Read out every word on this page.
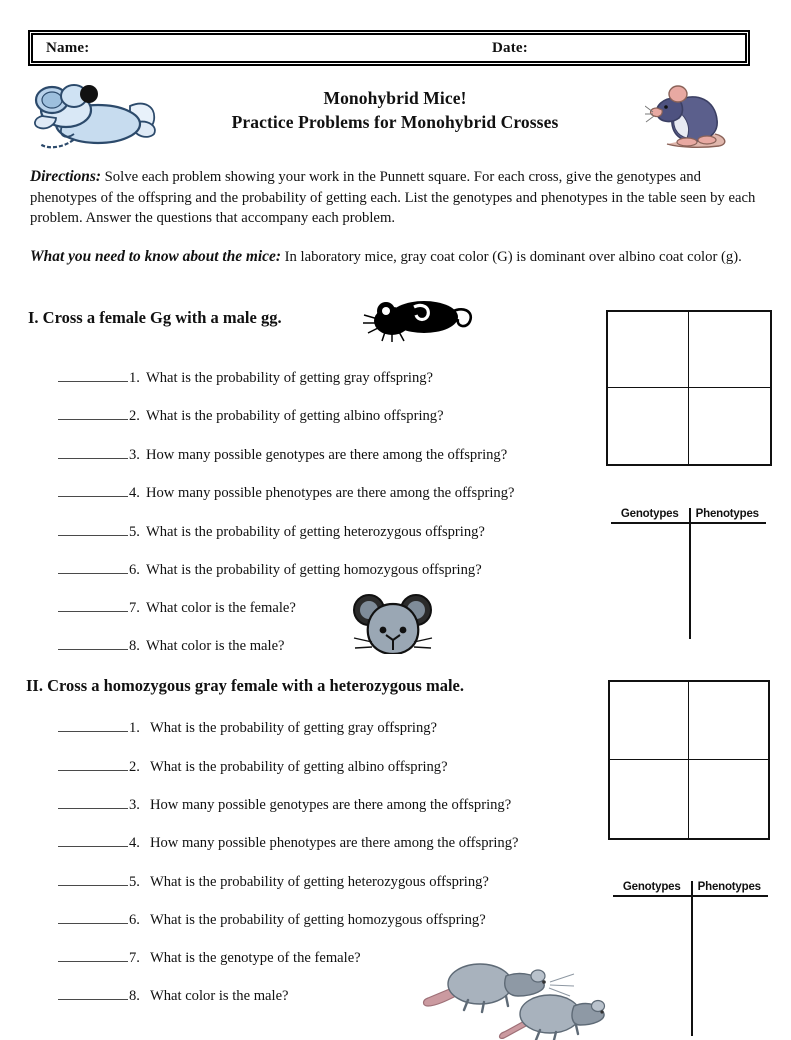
Name:	Date:
Monohybrid Mice!
Practice Problems for Monohybrid Crosses
Directions: Solve each problem showing your work in the Punnett square. For each cross, give the genotypes and phenotypes of the offspring and the probability of getting each. List the genotypes and phenotypes in the table seen by each problem. Answer the questions that accompany each problem.
What you need to know about the mice: In laboratory mice, gray coat color (G) is dominant over albino coat color (g).
I. Cross a female Gg with a male gg.
1. What is the probability of getting gray offspring?
2. What is the probability of getting albino offspring?
3. How many possible genotypes are there among the offspring?
4. How many possible phenotypes are there among the offspring?
5. What is the probability of getting heterozygous offspring?
6. What is the probability of getting homozygous offspring?
7. What color is the female?
8. What color is the male?
Genotypes	Phenotypes
II. Cross a homozygous gray female with a heterozygous male.
1. What is the probability of getting gray offspring?
2. What is the probability of getting albino offspring?
3. How many possible genotypes are there among the offspring?
4. How many possible phenotypes are there among the offspring?
5. What is the probability of getting heterozygous offspring?
6. What is the probability of getting homozygous offspring?
7. What is the genotype of the female?
8. What color is the male?
Genotypes	Phenotypes
